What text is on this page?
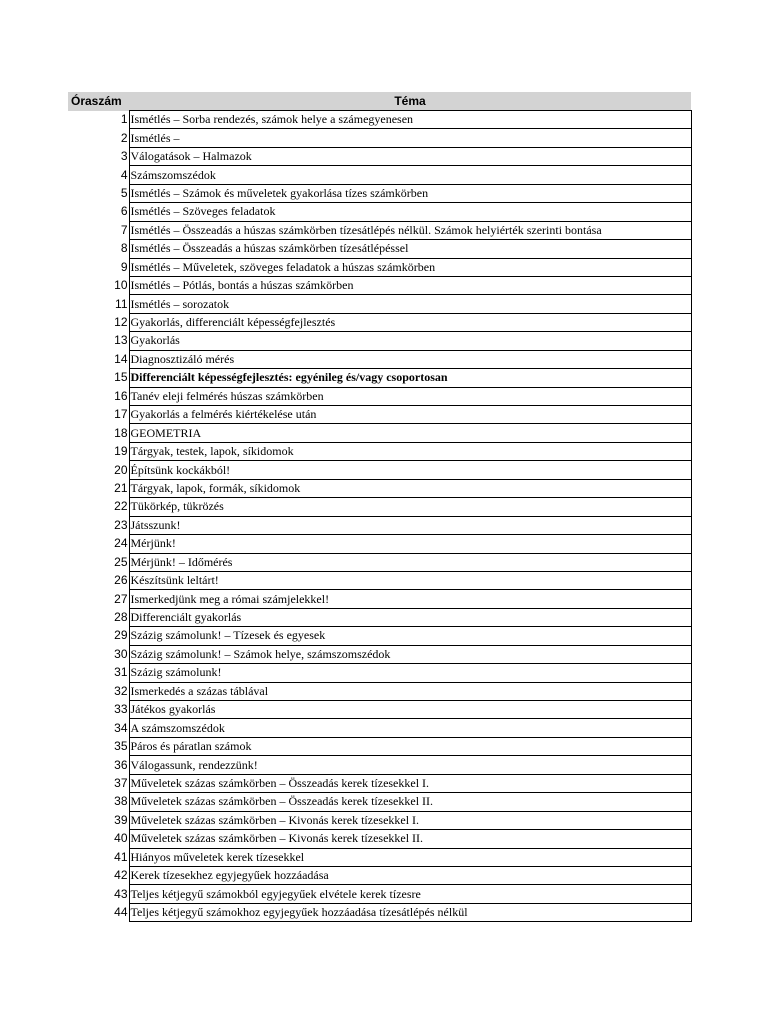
Óraszám	Téma
1	Ismétlés – Sorba rendezés, számok helye a számegyenesen
2	Ismétlés –
3	Válogatások – Halmazok
4	Számszomszédok
5	Ismétlés – Számok és műveletek gyakorlása tízes számkörben
6	Ismétlés – Szöveges feladatok
7	Ismétlés – Összeadás a húszas számkörben tízesátlépés nélkül. Számok helyiérték szerinti bontása
8	Ismétlés – Összeadás a húszas számkörben tízesátlépéssel
9	Ismétlés – Műveletek, szöveges feladatok a húszas számkörben
10	Ismétlés – Pótlás, bontás a húszas számkörben
11	Ismétlés – sorozatok
12	Gyakorlás, differenciált képességfejlesztés
13	Gyakorlás
14	Diagnosztizáló mérés
15	Differenciált képességfejlesztés: egyénileg és/vagy csoportosan
16	Tanév eleji felmérés húszas számkörben
17	Gyakorlás a felmérés kiértékelése után
18	GEOMETRIA
19	Tárgyak, testek, lapok, síkidomok
20	Építsünk kockákból!
21	Tárgyak, lapok, formák, síkidomok
22	Tükörkép, tükrözés
23	Játsszunk!
24	Mérjünk!
25	Mérjünk! – Időmérés
26	Készítsünk leltárt!
27	Ismerkedjünk meg a római számjelekkel!
28	Differenciált gyakorlás
29	Százig számolunk! – Tízesek és egyesek
30	Százig számolunk! – Számok helye, számszomszédok
31	Százig számolunk!
32	Ismerkedés a százas táblával
33	Játékos gyakorlás
34	A számszomszédok
35	Páros és páratlan számok
36	Válogassunk, rendezzünk!
37	Műveletek százas számkörben – Összeadás kerek tízesekkel I.
38	Műveletek százas számkörben – Összeadás kerek tízesekkel II.
39	Műveletek százas számkörben – Kivonás kerek tízesekkel I.
40	Műveletek százas számkörben – Kivonás kerek tízesekkel II.
41	Hiányos műveletek kerek tízesekkel
42	Kerek tízesekhez egyjegyűek hozzáadása
43	Teljes kétjegyű számokból egyjegyűek elvétele kerek tízesre
44	Teljes kétjegyű számokhoz egyjegyűek hozzáadása tízesátlépés nélkül
